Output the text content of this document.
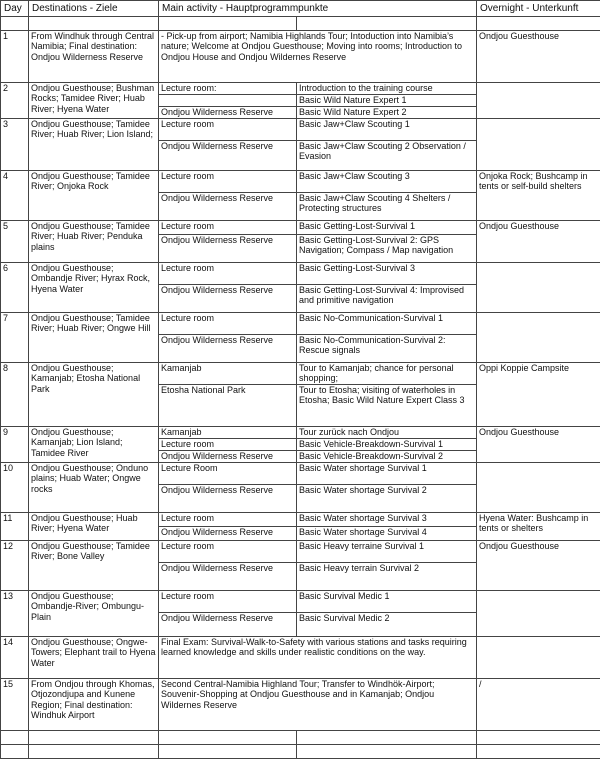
Day	Destinations - Ziele	Main activity - Hauptprogrammpunkte		Overnight - Unterkunft

1	From Windhuk through Central Namibia; Final destination: Ondjou Wilderness Reserve	- Pick-up from airport; Namibia Highlands Tour; Intoduction into Namibia’s nature; Welcome at Ondjou Guesthouse; Moving into rooms; Introduction to Ondjou House and Ondjou Wildernes Reserve		Ondjou Guesthouse
2	Ondjou Guesthouse; Bushman Rocks; Tamidee River; Huab River; Hyena Water	Lecture room:	Introduction to the training course	
			Basic Wild Nature Expert 1	
		Ondjou Wilderness Reserve	Basic Wild Nature Expert 2	
3	Ondjou Guesthouse; Tamidee River; Huab River; Lion Island;	Lecture room	Basic Jaw+Claw Scouting 1	
		Ondjou Wilderness Reserve	Basic Jaw+Claw Scouting 2 Observation / Evasion	
4	Ondjou Guesthouse; Tamidee River; Onjoka Rock	Lecture room	Basic Jaw+Claw Scouting 3	Onjoka Rock; Bushcamp in tents or self-build shelters
		Ondjou Wilderness Reserve	Basic Jaw+Claw Scouting 4 Shelters / Protecting structures	
5	Ondjou Guesthouse; Tamidee River; Huab River; Penduka plains	Lecture room	Basic Getting-Lost-Survival 1	Ondjou Guesthouse
		Ondjou Wilderness Reserve	Basic Getting-Lost-Survival 2: GPS Navigation; Compass / Map navigation	
6	Ondjou Guesthouse; Ombandje River; Hyrax Rock, Hyena Water	Lecture room	Basic Getting-Lost-Survival 3	
		Ondjou Wilderness Reserve	Basic Getting-Lost-Survival 4: Improvised and primitive navigation	
7	Ondjou Guesthouse; Tamidee River; Huab River; Ongwe Hill	Lecture room	Basic No-Communication-Survival 1	
		Ondjou Wilderness Reserve	Basic No-Communication-Survival 2: Rescue signals	
8	Ondjou Guesthouse; Kamanjab; Etosha National Park	Kamanjab	Tour to Kamanjab; chance for personal shopping;	Oppi Koppie Campsite
		Etosha National Park	Tour to Etosha; visiting of waterholes in Etosha; Basic Wild Nature Expert Class 3	
9	Ondjou Guesthouse; Kamanjab; Lion Island; Tamidee River	Kamanjab	Tour zurück nach Ondjou	Ondjou Guesthouse
		Lecture room	Basic Vehicle-Breakdown-Survival 1	
		Ondjou Wilderness Reserve	Basic Vehicle-Breakdown-Survival 2	
10	Ondjou Guesthouse; Onduno plains; Huab Water; Ongwe rocks	Lecture Room	Basic Water shortage Survival 1	
		Ondjou Wilderness Reserve	Basic Water shortage Survival 2	
11	Ondjou Guesthouse; Huab River; Hyena Water	Lecture room	Basic Water shortage Survival 3	Hyena Water: Bushcamp in tents or shelters
		Ondjou Wilderness Reserve	Basic Water shortage Survival 4	
12	Ondjou Guesthouse; Tamidee River; Bone Valley	Lecture room	Basic Heavy terraine Survival 1	Ondjou Guesthouse
		Ondjou Wilderness Reserve	Basic Heavy terrain Survival 2	
13	Ondjou Guesthouse; Ombandje-River; Ombungu-Plain	Lecture room	Basic Survival Medic 1	
		Ondjou Wilderness Reserve	Basic Survival Medic 2	
14	Ondjou Guesthouse; Ongwe-Towers; Elephant trail to Hyena Water	Final Exam: Survival-Walk-to-Safety with various stations and tasks requiring learned knowledge and skills under realistic conditions on the way.		
15	From Ondjou through Khomas, Otjozondjupa and Kunene Region; Final destination: Windhuk Airport	Second Central-Namibia Highland Tour; Transfer to Windhök-Airport; Souvenir-Shopping at Ondjou Guesthouse and in Kamanjab; Ondjou Wildernes Reserve		/
